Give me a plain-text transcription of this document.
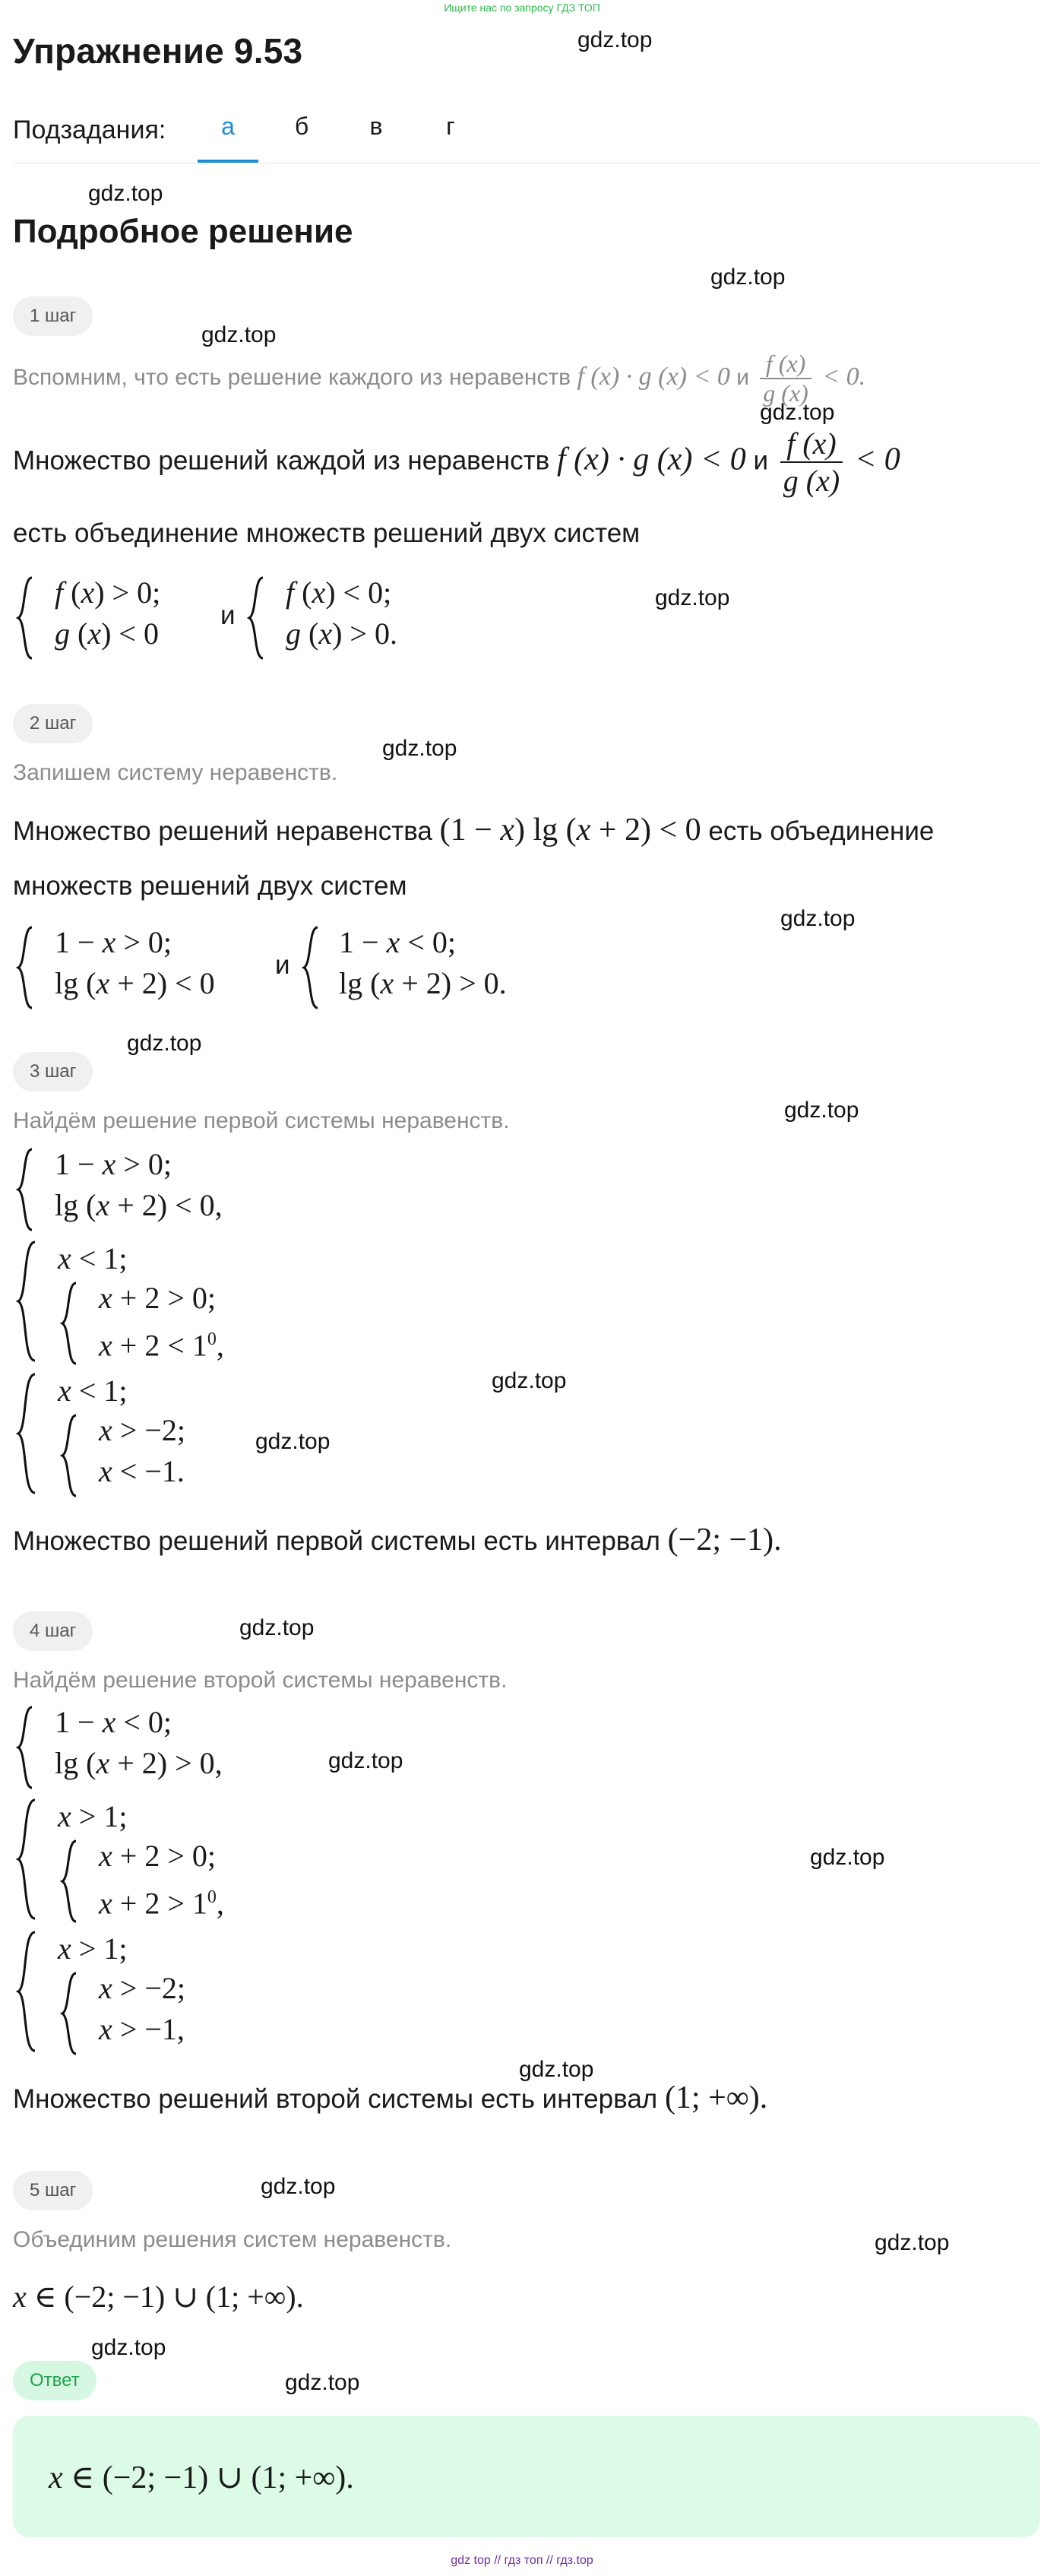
Ищите нас по запросу ГДЗ ТОП
Упражнение 9.53
Подзадания:	а	б	в	г
Подробное решение
gdz.top
gdz.top
gdz.top
gdz.top
gdz.top
gdz.top
gdz.top
gdz.top
gdz.top
gdz.top
gdz.top
gdz.top
gdz.top
gdz.top
gdz.top
gdz.top
gdz.top
gdz.top
gdz.top
gdz.top
1 шаг
Вспомним, что есть решение каждого из неравенств f (x) · g (x) < 0 и $\frac{f (x)}{g (x)} < 0$.
Множество решений каждой из неравенств f (x) · g (x) < 0 и $\frac{f (x)}{g (x)} < 0$
есть объединение множеств решений двух систем
f (x) > 0;
g (x) < 0
и
f (x) < 0;
g (x) > 0.
2 шаг
Запишем систему неравенств.
Множество решений неравенства (1 − x) lg (x + 2) < 0 есть объединение
множеств решений двух систем
1 − x > 0;
lg (x + 2) < 0
и
1 − x < 0;
lg (x + 2) > 0.
3 шаг
Найдём решение первой системы неравенств.
1 − x > 0;
lg (x + 2) < 0,
x < 1;
x + 2 > 0;
$x + 2 < 1^0$,
x < 1;
x > −2;
x < −1.
Множество решений первой системы есть интервал (−2; −1).
4 шаг
Найдём решение второй системы неравенств.
1 − x < 0;
lg (x + 2) > 0,
x > 1;
x + 2 > 0;
$x + 2 > 1^0$,
x > 1;
x > −2;
x > −1,
Множество решений второй системы есть интервал (1; +∞).
5 шаг
Объединим решения систем неравенств.
x ∈ (−2; −1) ∪ (1; +∞).
Ответ
x ∈ (−2; −1) ∪ (1; +∞).
gdz top // гдз топ // гдз.top
